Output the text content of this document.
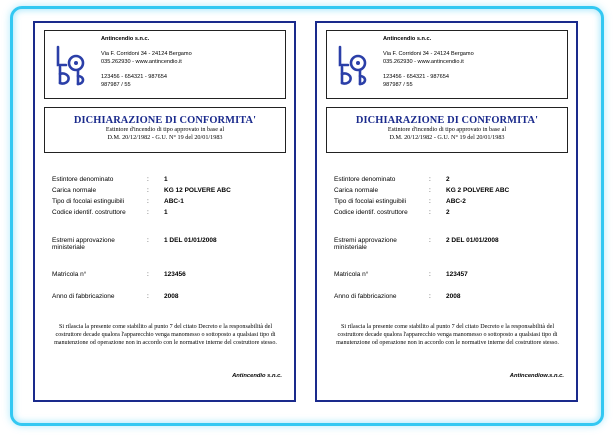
Antincendio s.n.c.
Via F. Corridoni 34 - 24124 Bergamo
035.262930 - www.antincendio.it
123456 - 654321 - 987654
987987 / 55
DICHIARAZIONE DI CONFORMITA'
Estintore d'incendio di tipo approvato in base al
D.M. 20/12/1982 - G.U. N° 19 del 20/01/1983
Estintore denominato	: 1
Carica normale	: KG 12 POLVERE ABC
Tipo di focolai estinguibili	: ABC-1
Codice identif. costruttore	: 1
Estremi approvazione ministeriale
: 1 DEL 01/01/2008
Matricola n°	: 123456
Anno di fabbricazione	: 2008
Si rilascia la presente come stabilito al punto 7 del citato Decreto e la responsabilità del costruttore decade qualora l'apparecchio venga manomesso o sottoposto a qualsiasi tipo di manutenzione od operazione non in accordo con le normative interne del costruttore stesso.
Antincendio s.n.c.
Antincendio s.n.c.
Via F. Corridoni 34 - 24124 Bergamo
035.262930 - www.antincendio.it
123456 - 654321 - 987654
987987 / 55
DICHIARAZIONE DI CONFORMITA'
Estintore d'incendio di tipo approvato in base al
D.M. 20/12/1982 - G.U. N° 19 del 20/01/1983
Estintore denominato	: 2
Carica normale	: KG 2 POLVERE ABC
Tipo di focolai estinguibili	: ABC-2
Codice identif. costruttore	: 2
Estremi approvazione ministeriale
: 2 DEL 01/01/2008
Matricola n°	: 123457
Anno di fabbricazione	: 2008
Si rilascia la presente come stabilito al punto 7 del citato Decreto e la responsabilità del costruttore decade qualora l'apparecchio venga manomesso o sottoposto a qualsiasi tipo di manutenzione od operazione non in accordo con le normative interne del costruttore stesso.
Antincendiow.s.n.c.
